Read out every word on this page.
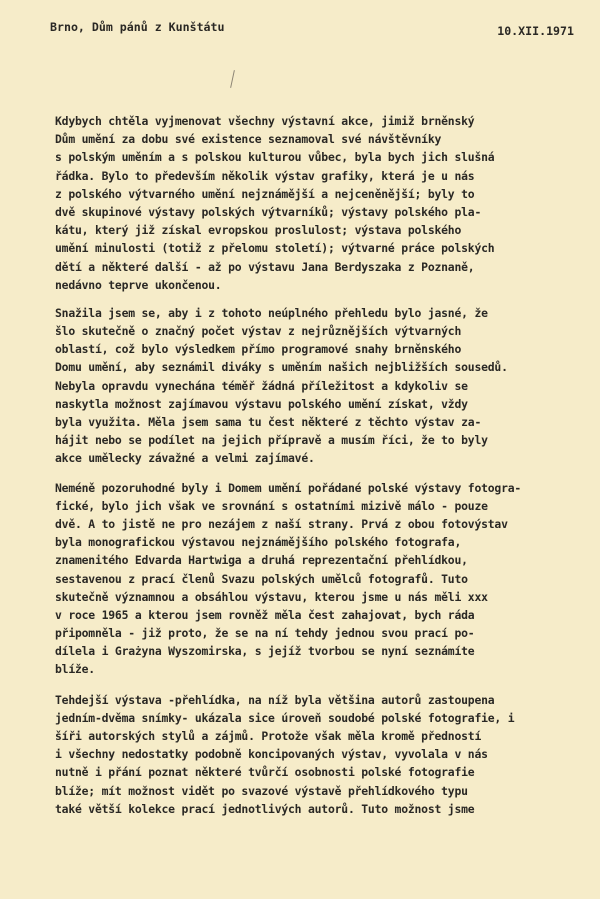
Brno, Dům pánů z Kunštátu	10.XII.1971
Kdybych chtěla vyjmenovat všechny výstavní akce, jimiž brněnský
Dům umění za dobu své existence seznamoval své návštěvníky
s polským uměním a s polskou kulturou vůbec, byla bych jich slušná
řádka. Bylo to především několik výstav grafiky, která je u nás
z polského výtvarného umění nejznámější a nejceněnější; byly to
dvě skupinové výstavy polských výtvarníků; výstavy polského pla-
kátu, který již získal evropskou proslulost; výstava polského
umění minulosti (totiž z přelomu století); výtvarné práce polských
dětí a některé další - až po výstavu Jana Berdyszaka z Poznaně,
nedávno teprve ukončenou.
Snažila jsem se, aby i z tohoto neúplného přehledu bylo jasné, že
šlo skutečně o značný počet výstav z nejrůznějších výtvarných
oblastí, což bylo výsledkem přímo programové snahy brněnského
Domu umění, aby seznámil diváky s uměním našich nejbližších sousedů.
Nebyla opravdu vynechána téměř žádná příležitost a kdykoliv se
naskytla možnost zajímavou výstavu polského umění získat, vždy
byla využita. Měla jsem sama tu čest některé z těchto výstav za-
hájit nebo se podílet na jejich přípravě a musím říci, že to byly
akce umělecky závažné a velmi zajímavé.
Neméně pozoruhodné byly i Domem umění pořádané polské výstavy fotogra-
fické, bylo jich však ve srovnání s ostatními mizivě málo - pouze
dvě. A to jistě ne pro nezájem z naší strany. Prvá z obou fotovýstav
byla monografickou výstavou nejznámějšího polského fotografa,
znamenitého Edvarda Hartwiga a druhá reprezentační přehlídkou,
sestavenou z prací členů Svazu polských umělců fotografů. Tuto
skutečně významnou a obsáhlou výstavu, kterou jsme u nás měli xxx
v roce 1965 a kterou jsem rovněž měla čest zahajovat, bych ráda
připomněla - již proto, že se na ní tehdy jednou svou prací po-
dílela i Grażyna Wyszomirska, s jejíž tvorbou se nyní seznámíte
blíže.
Tehdejší výstava -přehlídka, na níž byla většina autorů zastoupena
jedním-dvěma snímky- ukázala sice úroveň soudobé polské fotografie, i
šíři autorských stylů a zájmů. Protože však měla kromě předností
i všechny nedostatky podobně koncipovaných výstav, vyvolala v nás
nutně i přání poznat některé tvůrčí osobnosti polské fotografie
blíže; mít možnost vidět po svazové výstavě přehlídkového typu
také větší kolekce prací jednotlivých autorů. Tuto možnost jsme
